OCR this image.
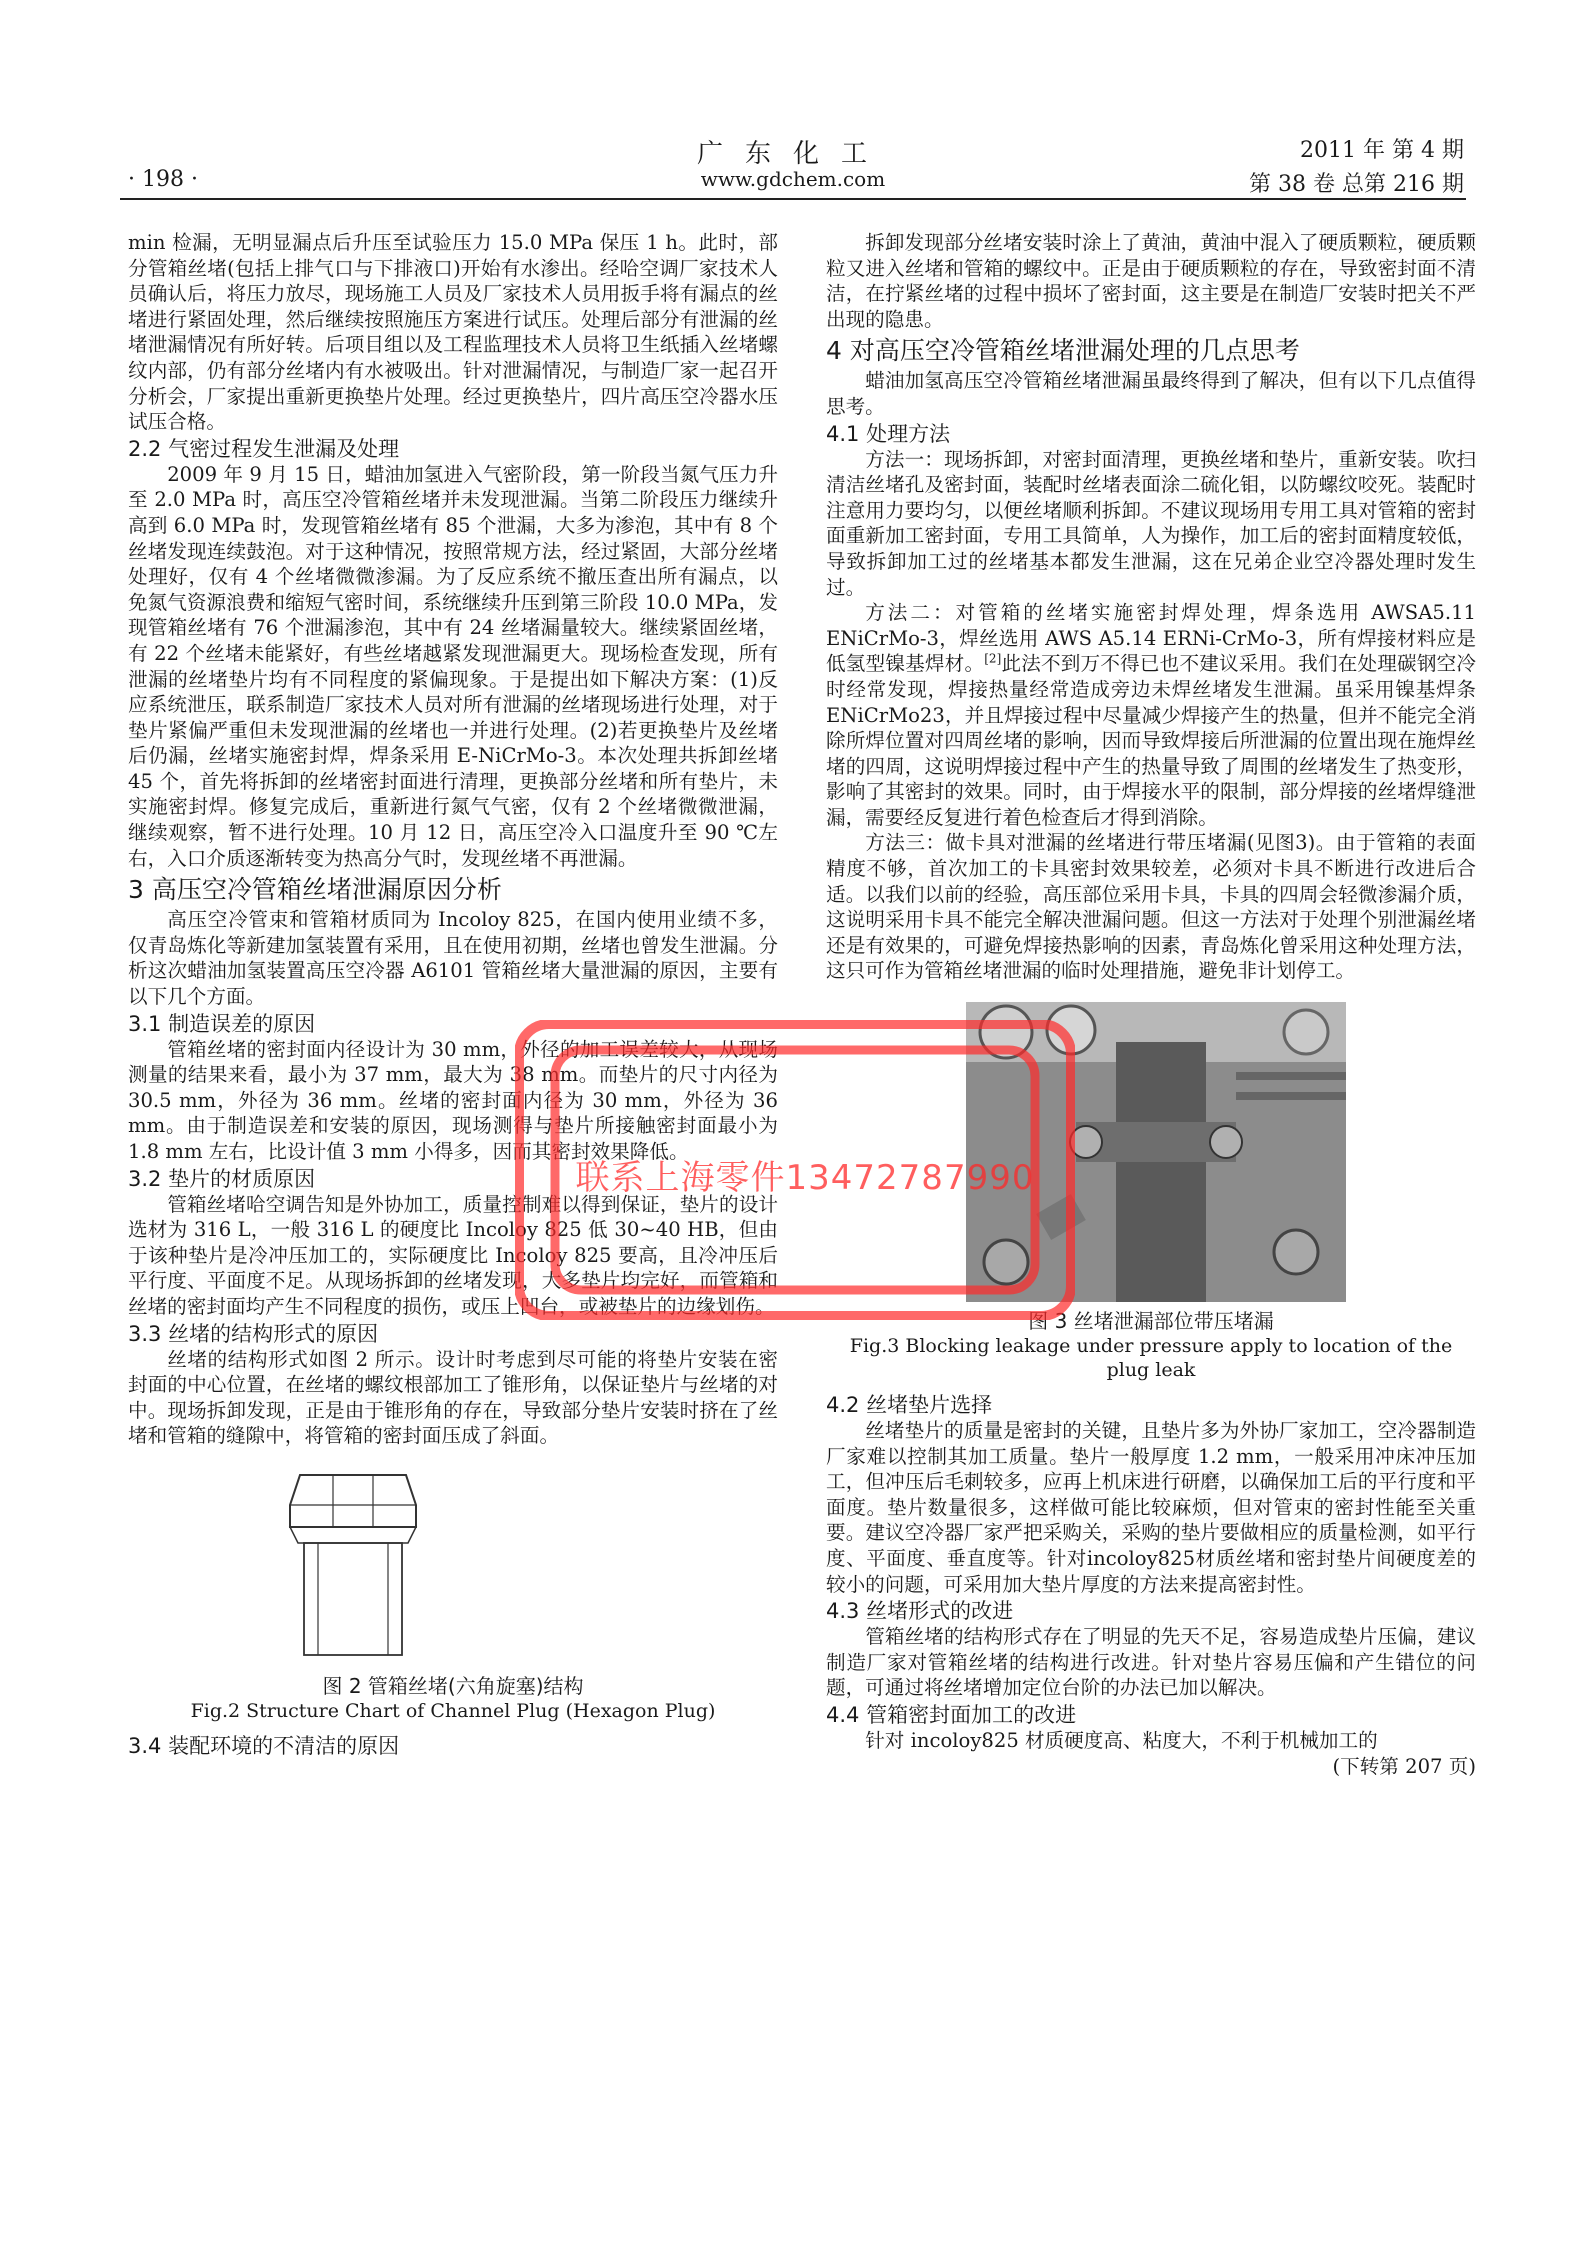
· 198 ·
广东化工
www.gdchem.com
2011 年 第 4 期
第 38 卷 总第 216 期

min 检漏，无明显漏点后升压至试验压力 15.0 MPa 保压 1 h。此时，部分管箱丝堵(包括上排气口与下排液口)开始有水渗出。经哈空调厂家技术人员确认后，将压力放尽，现场施工人员及厂家技术人员用扳手将有漏点的丝堵进行紧固处理，然后继续按照施压方案进行试压。处理后部分有泄漏的丝堵泄漏情况有所好转。后项目组以及工程监理技术人员将卫生纸插入丝堵螺纹内部，仍有部分丝堵内有水被吸出。针对泄漏情况，与制造厂家一起召开分析会，厂家提出重新更换垫片处理。经过更换垫片，四片高压空冷器水压试压合格。

2.2 气密过程发生泄漏及处理

2009 年 9 月 15 日，蜡油加氢进入气密阶段，第一阶段当氮气压力升至 2.0 MPa 时，高压空冷管箱丝堵并未发现泄漏。当第二阶段压力继续升高到 6.0 MPa 时，发现管箱丝堵有 85 个泄漏，大多为渗泡，其中有 8 个丝堵发现连续鼓泡。对于这种情况，按照常规方法，经过紧固，大部分丝堵处理好，仅有 4 个丝堵微微渗漏。为了反应系统不撤压查出所有漏点，以免氮气资源浪费和缩短气密时间，系统继续升压到第三阶段 10.0 MPa，发现管箱丝堵有 76 个泄漏渗泡，其中有 24 丝堵漏量较大。继续紧固丝堵，有 22 个丝堵未能紧好，有些丝堵越紧发现泄漏更大。现场检查发现，所有泄漏的丝堵垫片均有不同程度的紧偏现象。于是提出如下解决方案：(1)反应系统泄压，联系制造厂家技术人员对所有泄漏的丝堵现场进行处理，对于垫片紧偏严重但未发现泄漏的丝堵也一并进行处理。(2)若更换垫片及丝堵后仍漏，丝堵实施密封焊，焊条采用 E-NiCrMo-3。本次处理共拆卸丝堵 45 个，首先将拆卸的丝堵密封面进行清理，更换部分丝堵和所有垫片，未实施密封焊。修复完成后，重新进行氮气气密，仅有 2 个丝堵微微泄漏，继续观察，暂不进行处理。10 月 12 日，高压空冷入口温度升至 90 ℃左右，入口介质逐渐转变为热高分气时，发现丝堵不再泄漏。

3 高压空冷管箱丝堵泄漏原因分析

高压空冷管束和管箱材质同为 Incoloy 825，在国内使用业绩不多，仅青岛炼化等新建加氢装置有采用，且在使用初期，丝堵也曾发生泄漏。分析这次蜡油加氢装置高压空冷器 A6101 管箱丝堵大量泄漏的原因，主要有以下几个方面。

3.1 制造误差的原因

管箱丝堵的密封面内径设计为 30 mm，外径的加工误差较大，从现场测量的结果来看，最小为 37 mm，最大为 38 mm。而垫片的尺寸内径为 30.5 mm，外径为 36 mm。丝堵的密封面内径为 30 mm，外径为 36 mm。由于制造误差和安装的原因，现场测得与垫片所接触密封面最小为 1.8 mm 左右，比设计值 3 mm 小得多，因而其密封效果降低。

3.2 垫片的材质原因

管箱丝堵哈空调告知是外协加工，质量控制难以得到保证，垫片的设计选材为 316 L，一般 316 L 的硬度比 Incoloy 825 低 30~40 HB，但由于该种垫片是冷冲压加工的，实际硬度比 Incoloy 825 要高，且冷冲压后平行度、平面度不足。从现场拆卸的丝堵发现，大多垫片均完好，而管箱和丝堵的密封面均产生不同程度的损伤，或压上凹台，或被垫片的边缘划伤。

3.3 丝堵的结构形式的原因

丝堵的结构形式如图 2 所示。设计时考虑到尽可能的将垫片安装在密封面的中心位置，在丝堵的螺纹根部加工了锥形角，以保证垫片与丝堵的对中。现场拆卸发现，正是由于锥形角的存在，导致部分垫片安装时挤在了丝堵和管箱的缝隙中，将管箱的密封面压成了斜面。

图 2 管箱丝堵(六角旋塞)结构
Fig.2 Structure Chart of Channel Plug (Hexagon Plug)
3.4 装配环境的不清洁的原因

拆卸发现部分丝堵安装时涂上了黄油，黄油中混入了硬质颗粒，硬质颗粒又进入丝堵和管箱的螺纹中。正是由于硬质颗粒的存在，导致密封面不清洁，在拧紧丝堵的过程中损坏了密封面，这主要是在制造厂安装时把关不严出现的隐患。

4 对高压空冷管箱丝堵泄漏处理的几点思考

蜡油加氢高压空冷管箱丝堵泄漏虽最终得到了解决，但有以下几点值得思考。

4.1 处理方法

方法一：现场拆卸，对密封面清理，更换丝堵和垫片，重新安装。吹扫清洁丝堵孔及密封面，装配时丝堵表面涂二硫化钼，以防螺纹咬死。装配时注意用力要均匀，以便丝堵顺利拆卸。不建议现场用专用工具对管箱的密封面重新加工密封面，专用工具简单，人为操作，加工后的密封面精度较低，导致拆卸加工过的丝堵基本都发生泄漏，这在兄弟企业空冷器处理时发生过。

方法二：对管箱的丝堵实施密封焊处理，焊条选用 AWSA5.11 ENiCrMo-3，焊丝选用 AWS A5.14 ERNi-CrMo-3，所有焊接材料应是低氢型镍基焊材。[2]此法不到万不得已也不建议采用。我们在处理碳钢空冷时经常发现，焊接热量经常造成旁边未焊丝堵发生泄漏。虽采用镍基焊条 ENiCrMo23，并且焊接过程中尽量减少焊接产生的热量，但并不能完全消除所焊位置对四周丝堵的影响，因而导致焊接后所泄漏的位置出现在施焊丝堵的四周，这说明焊接过程中产生的热量导致了周围的丝堵发生了热变形，影响了其密封的效果。同时，由于焊接水平的限制，部分焊接的丝堵焊缝泄漏，需要经反复进行着色检查后才得到消除。

方法三：做卡具对泄漏的丝堵进行带压堵漏(见图3)。由于管箱的表面精度不够，首次加工的卡具密封效果较差，必须对卡具不断进行改进后合适。以我们以前的经验，高压部位采用卡具，卡具的四周会轻微渗漏介质，这说明采用卡具不能完全解决泄漏问题。但这一方法对于处理个别泄漏丝堵还是有效果的，可避免焊接热影响的因素，青岛炼化曾采用这种处理方法，这只可作为管箱丝堵泄漏的临时处理措施，避免非计划停工。

图 3 丝堵泄漏部位带压堵漏
Fig.3 Blocking leakage under pressure apply to location of the plug leak
4.2 丝堵垫片选择

丝堵垫片的质量是密封的关键，且垫片多为外协厂家加工，空冷器制造厂家难以控制其加工质量。垫片一般厚度 1.2 mm，一般采用冲床冲压加工，但冲压后毛刺较多，应再上机床进行研磨，以确保加工后的平行度和平面度。垫片数量很多，这样做可能比较麻烦，但对管束的密封性能至关重要。建议空冷器厂家严把采购关，采购的垫片要做相应的质量检测，如平行度、平面度、垂直度等。针对incoloy825材质丝堵和密封垫片间硬度差的较小的问题，可采用加大垫片厚度的方法来提高密封性。

4.3 丝堵形式的改进

管箱丝堵的结构形式存在了明显的先天不足，容易造成垫片压偏，建议制造厂家对管箱丝堵的结构进行改进。针对垫片容易压偏和产生错位的问题，可通过将丝堵增加定位台阶的办法已加以解决。

4.4 管箱密封面加工的改进

针对 incoloy825 材质硬度高、粘度大，不利于机械加工的

(下转第 207 页)
联系上海零件13472787990
